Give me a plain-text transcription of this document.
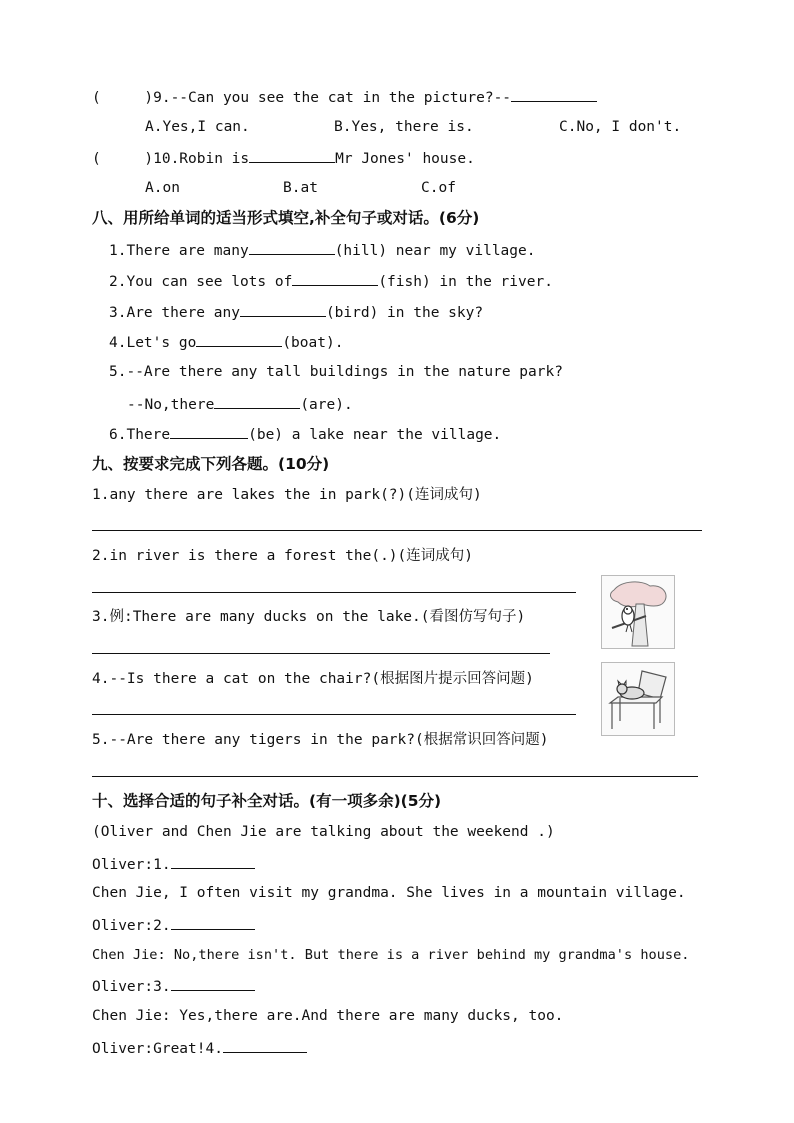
(     )9.--Can you see the cat in the picture?--
A.Yes,I can.	B.Yes, there is.	C.No, I don't.
(     )10.Robin is	Mr Jones' house.
A.on	B.at	C.of
八、用所给单词的适当形式填空,补全句子或对话。(6分)
1.There are many	(hill) near my village.
2.You can see lots of	(fish) in the river.
3.Are there any	(bird) in the sky?
4.Let's go	(boat).
5.--Are there any tall buildings in the nature park?
--No,there	(are).
6.There	(be) a lake near the village.
九、按要求完成下列各题。(10分)
1.any there are lakes the in park(?)(连词成句)
2.in river is there a forest the(.)(连词成句)
3.例:There are many ducks on the lake.(看图仿写句子)
4.--Is there a cat on the chair?(根据图片提示回答问题)
5.--Are there any tigers in the park?(根据常识回答问题)
十、选择合适的句子补全对话。(有一项多余)(5分)
(Oliver and Chen Jie are talking about the weekend .)
Oliver:1.
Chen Jie, I often visit my grandma. She lives in a mountain village.
Oliver:2.
Chen Jie: No,there isn't. But there is a river behind my grandma's house.
Oliver:3.
Chen Jie: Yes,there are.And there are many ducks, too.
Oliver:Great!4.
